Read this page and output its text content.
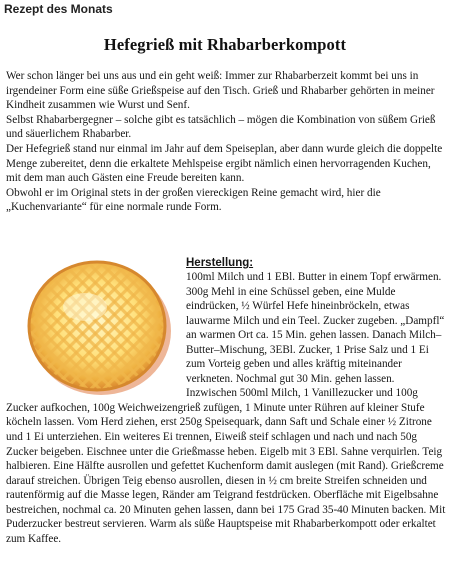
Rezept des Monats
Hefegrieß mit Rhabarberkompott

Wer schon länger bei uns aus und ein geht weiß: Immer zur Rhabarberzeit kommt bei uns in irgendeiner Form eine süße Grießspeise auf den Tisch. Grieß und Rhabarber gehörten in meiner Kindheit zusammen wie Wurst und Senf.

Selbst Rhabarbergegner – solche gibt es tatsächlich – mögen die Kombination von süßem Grieß und säuerlichem Rhabarber.

Der Hefegrieß stand nur einmal im Jahr auf dem Speiseplan, aber dann wurde gleich die doppelte Menge zubereitet, denn die erkaltete Mehlspeise ergibt nämlich einen hervorragenden Kuchen, mit dem man auch Gästen eine Freude bereiten kann.

Obwohl er im Original stets in der großen viereckigen Reine gemacht wird, hier die „Kuchenvariante“ für eine normale runde Form.

Herstellung:
100ml Milch und 1 EBl. Butter in einem Topf erwärmen. 300g Mehl in eine Schüssel geben, eine Mulde eindrücken, ½ Würfel Hefe hineinbröckeln, etwas lauwarme Milch und ein Teel. Zucker zugeben. „Dampfl“ an warmen Ort ca. 15 Min. gehen lassen. Danach Milch–Butter–Mischung, 3EBl. Zucker, 1 Prise Salz und 1 Ei zum Vorteig geben und alles kräftig miteinander verkneten. Nochmal gut 30 Min. gehen lassen. Inzwischen 500ml Milch, 1 Vanillezucker und 100g Zucker aufkochen, 100g Weichweizengrieß zufügen, 1 Minute unter Rühren auf kleiner Stufe köcheln lassen. Vom Herd ziehen, erst 250g Speisequark, dann Saft und Schale einer ½ Zitrone und 1 Ei unterziehen. Ein weiteres Ei trennen, Eiweiß steif schlagen und nach und nach 50g Zucker beigeben. Eischnee unter die Grießmasse heben. Eigelb mit 3 EBl. Sahne verquirlen. Teig halbieren. Eine Hälfte ausrollen und gefettet Kuchenform damit auslegen (mit Rand). Grießcreme darauf streichen. Übrigen Teig ebenso ausrollen, diesen in ½ cm breite Streifen schneiden und rautenförmig auf die Masse legen, Ränder am Teigrand festdrücken. Oberfläche mit Eigelbsahne bestreichen, nochmal ca. 20 Minuten gehen lassen, dann bei 175 Grad 35-40 Minuten backen. Mit Puderzucker bestreut servieren. Warm als süße Hauptspeise mit Rhabarberkompott oder erkaltet zum Kaffee.
